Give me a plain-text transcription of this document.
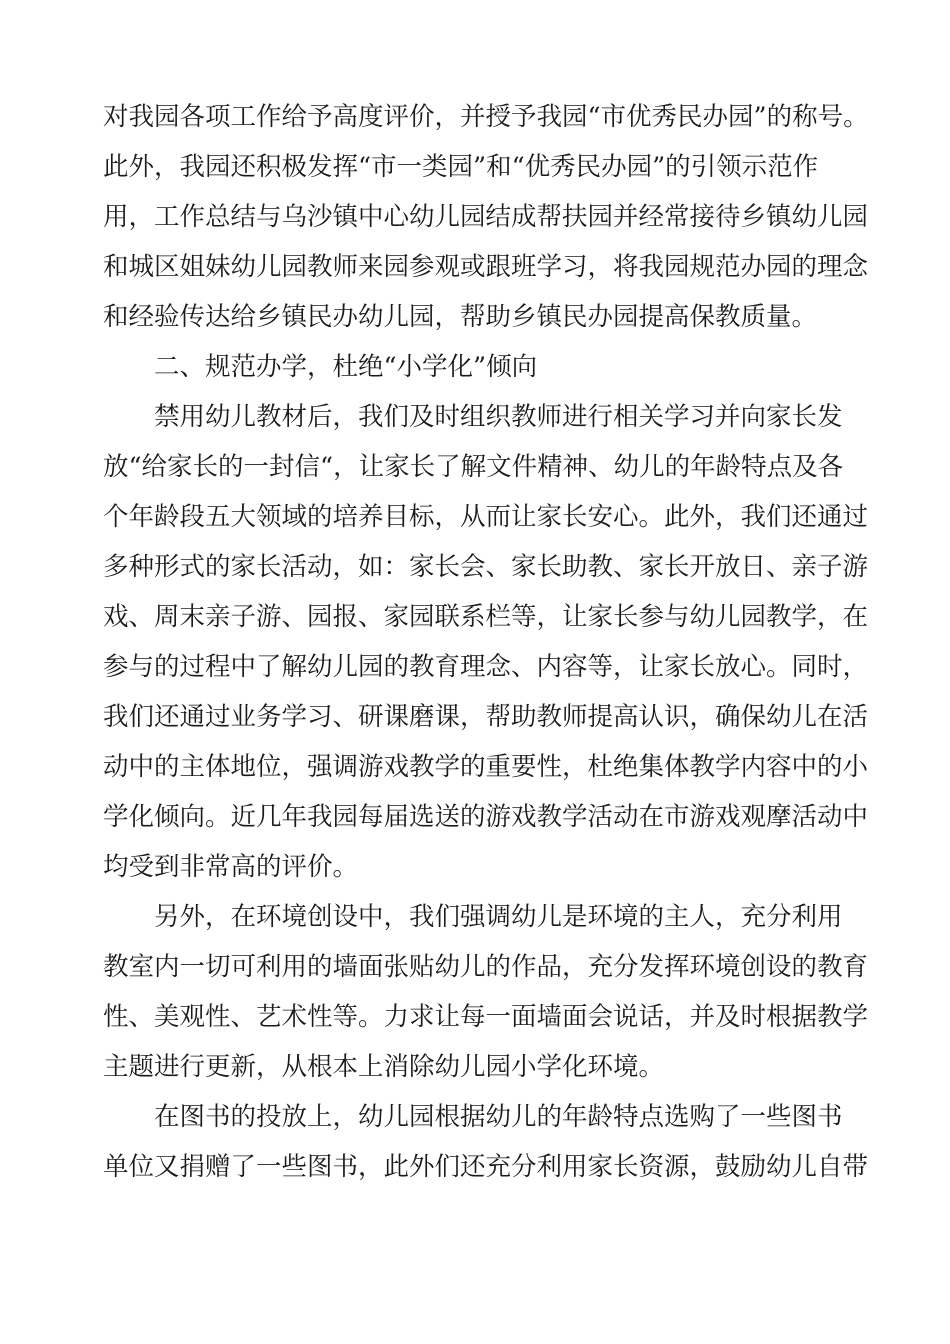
对我园各项工作给予高度评价，并授予我园“市优秀民办园”的称号。
此外，我园还积极发挥“市一类园”和“优秀民办园”的引领示范作
用，工作总结与乌沙镇中心幼儿园结成帮扶园并经常接待乡镇幼儿园
和城区姐妹幼儿园教师来园参观或跟班学习，将我园规范办园的理念
和经验传达给乡镇民办幼儿园，帮助乡镇民办园提高保教质量。
二、规范办学，杜绝“小学化”倾向
禁用幼儿教材后，我们及时组织教师进行相关学习并向家长发
放“给家长的一封信“，让家长了解文件精神、幼儿的年龄特点及各
个年龄段五大领域的培养目标，从而让家长安心。此外，我们还通过
多种形式的家长活动，如：家长会、家长助教、家长开放日、亲子游
戏、周末亲子游、园报、家园联系栏等，让家长参与幼儿园教学，在
参与的过程中了解幼儿园的教育理念、内容等，让家长放心。同时，
我们还通过业务学习、研课磨课，帮助教师提高认识，确保幼儿在活
动中的主体地位，强调游戏教学的重要性，杜绝集体教学内容中的小
学化倾向。近几年我园每届选送的游戏教学活动在市游戏观摩活动中
均受到非常高的评价。
另外，在环境创设中，我们强调幼儿是环境的主人，充分利用
教室内一切可利用的墙面张贴幼儿的作品，充分发挥环境创设的教育
性、美观性、艺术性等。力求让每一面墙面会说话，并及时根据教学
主题进行更新，从根本上消除幼儿园小学化环境。
在图书的投放上，幼儿园根据幼儿的年龄特点选购了一些图书
单位又捐赠了一些图书，此外们还充分利用家长资源，鼓励幼儿自带
